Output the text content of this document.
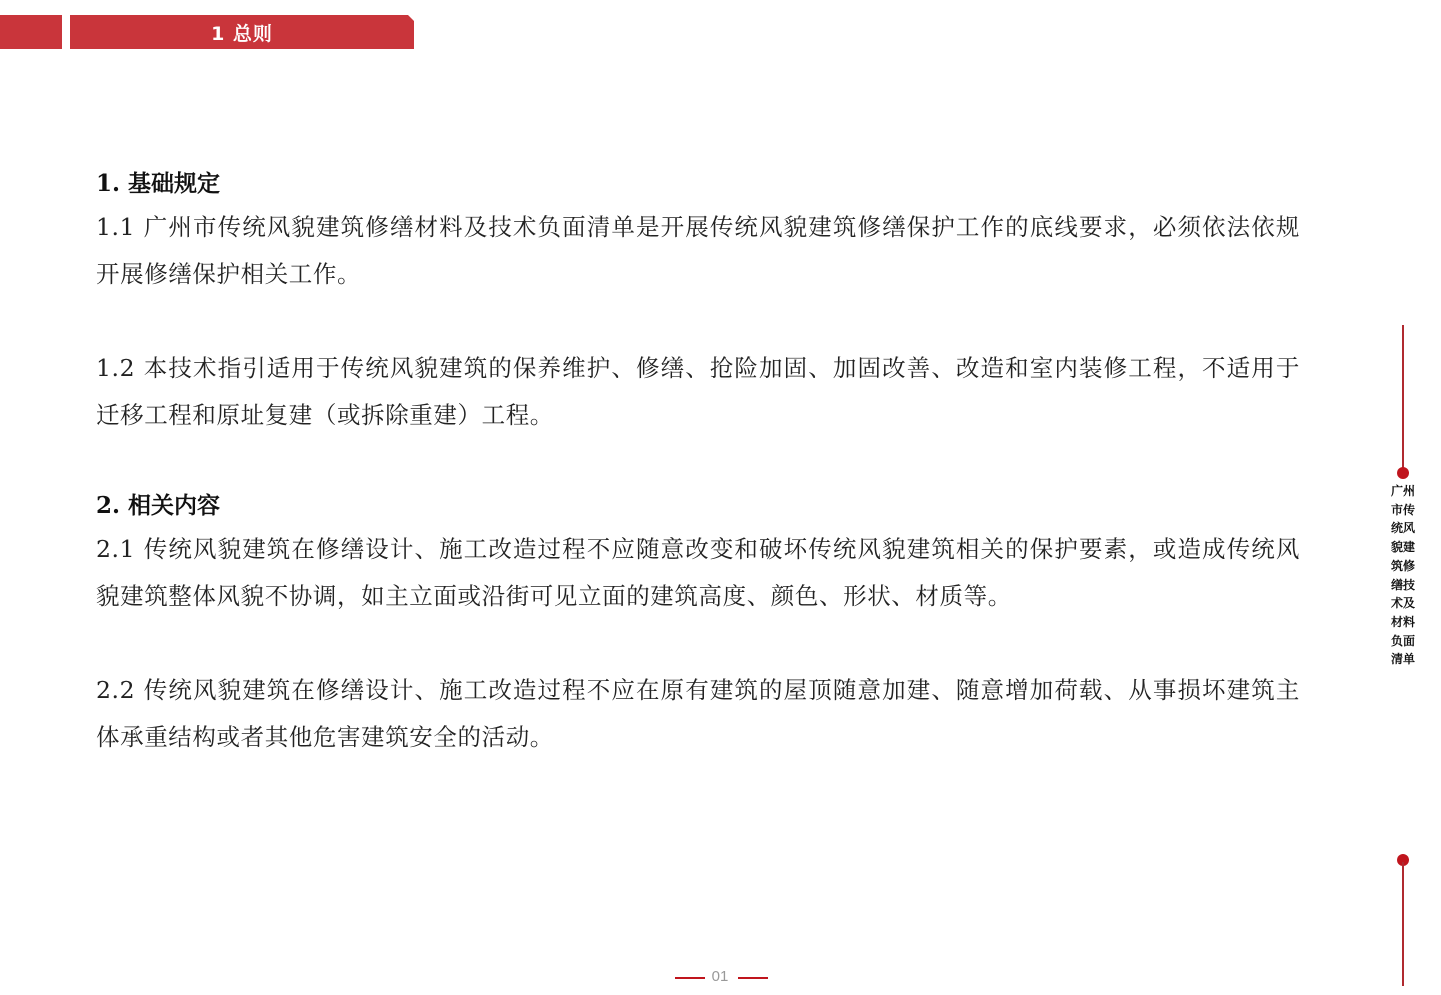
1 总则
1. 基础规定
1.1 广州市传统风貌建筑修缮材料及技术负面清单是开展传统风貌建筑修缮保护工作的底线要求，必须依法依规开展修缮保护相关工作。
1.2 本技术指引适用于传统风貌建筑的保养维护、修缮、抢险加固、加固改善、改造和室内装修工程，不适用于迁移工程和原址复建（或拆除重建）工程。
2. 相关内容
2.1 传统风貌建筑在修缮设计、施工改造过程不应随意改变和破坏传统风貌建筑相关的保护要素，或造成传统风貌建筑整体风貌不协调，如主立面或沿街可见立面的建筑高度、颜色、形状、材质等。
2.2 传统风貌建筑在修缮设计、施工改造过程不应在原有建筑的屋顶随意加建、随意增加荷载、从事损坏建筑主体承重结构或者其他危害建筑安全的活动。
广州市传统风貌建筑修缮技术及材料负面清单
01
